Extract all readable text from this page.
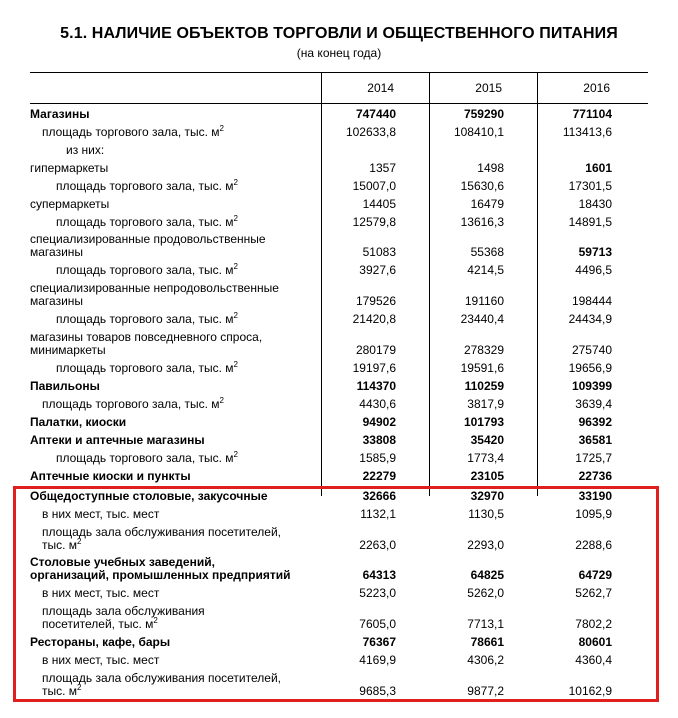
5.1. НАЛИЧИЕ ОБЪЕКТОВ ТОРГОВЛИ И ОБЩЕСТВЕННОГО ПИТАНИЯ
(на конец года)
2014	2015	2016
Магазины	747440	759290	771104
площадь торгового зала, тыс. $м^2$	102633,8	108410,1	113413,6
из них:
гипермаркеты	1357	1498	1601
площадь торгового зала, тыс. $м^2$	15007,0	15630,6	17301,5
супермаркеты	14405	16479	18430
площадь торгового зала, тыс. $м^2$	12579,8	13616,3	14891,5
специализированные продовольственные
магазины	51083	55368	59713
площадь торгового зала, тыс. $м^2$	3927,6	4214,5	4496,5
специализированные непродовольственные
магазины	179526	191160	198444
площадь торгового зала, тыс. $м^2$	21420,8	23440,4	24434,9
магазины товаров повседневного спроса,
минимаркеты	280179	278329	275740
площадь торгового зала, тыс. $м^2$	19197,6	19591,6	19656,9
Павильоны	114370	110259	109399
площадь торгового зала, тыс. $м^2$	4430,6	3817,9	3639,4
Палатки, киоски	94902	101793	96392
Аптеки и аптечные магазины	33808	35420	36581
площадь торгового зала, тыс. $м^2$	1585,9	1773,4	1725,7
Аптечные киоски и пункты	22279	23105	22736
Общедоступные столовые, закусочные	32666	32970	33190
в них мест, тыс. мест	1132,1	1130,5	1095,9
площадь зала обслуживания посетителей,
тыс. $м^2$	2263,0	2293,0	2288,6
Столовые учебных заведений,
организаций, промышленных предприятий	64313	64825	64729
в них мест, тыс. мест	5223,0	5262,0	5262,7
площадь зала обслуживания
посетителей, тыс. $м^2$	7605,0	7713,1	7802,2
Рестораны, кафе, бары	76367	78661	80601
в них мест, тыс. мест	4169,9	4306,2	4360,4
площадь зала обслуживания посетителей,
тыс. $м^2$	9685,3	9877,2	10162,9
